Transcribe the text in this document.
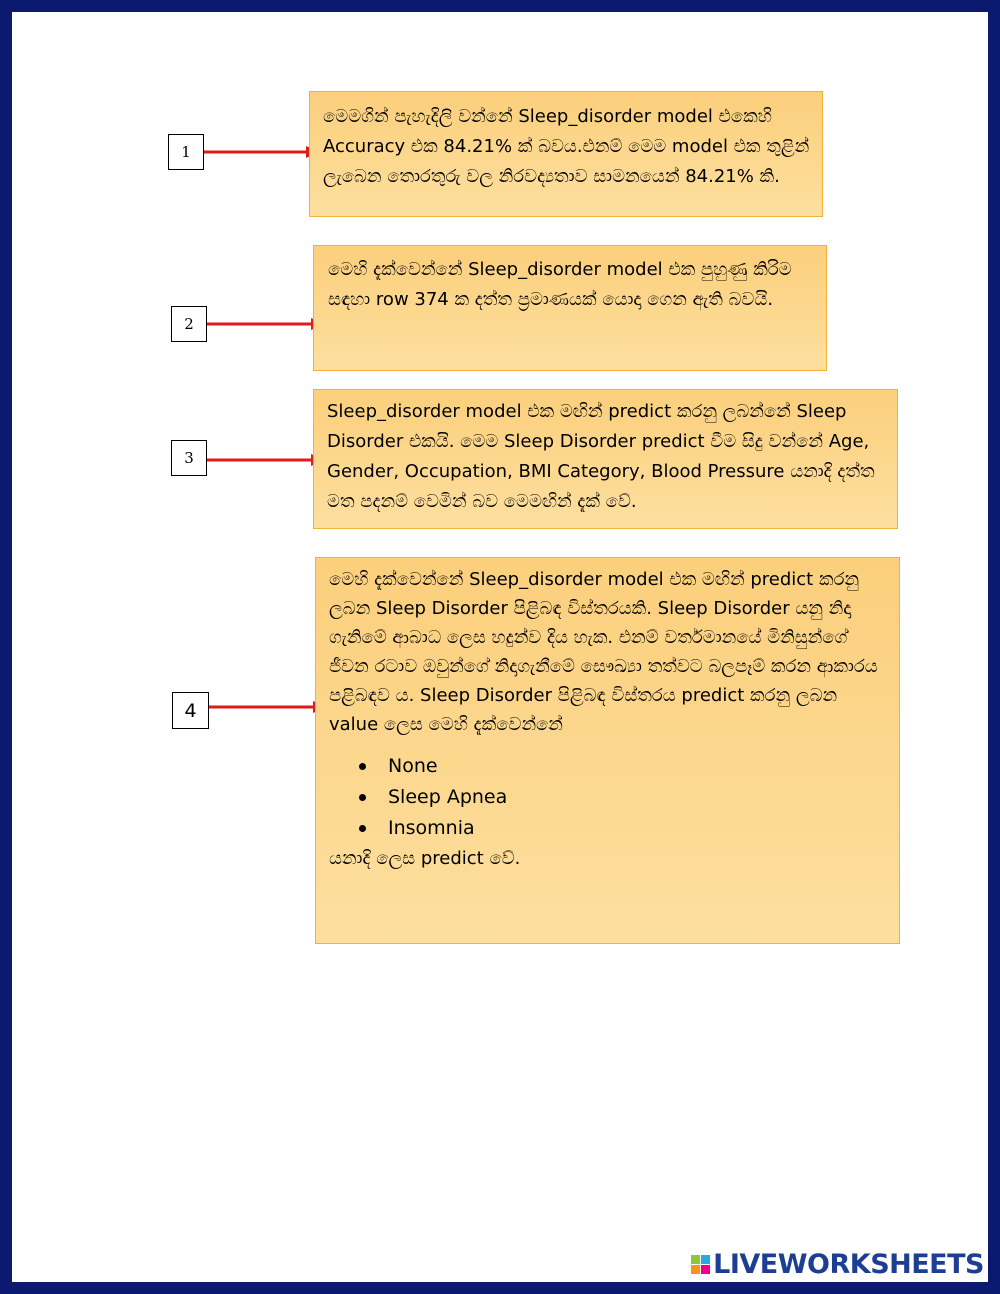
1

මෙමගින් පැහැදිලි වන්නේ Sleep_disorder model එකෙහි Accuracy එක 84.21% ක් බවය.එනම් මෙම model එක තුළින් ලැබෙන තොරතුරු වල නිරවද්‍යතාව සාමනයෙන් 84.21% කි.

2

මෙහි දැක්වෙන්නේ Sleep_disorder model එක පුහුණු කිරිම සඳහා row 374 ක දත්ත ප්‍රමාණයක් යොදා ගෙන ඇති බවයි.

3

Sleep_disorder model එක මඟින් predict කරනු ලබන්නේ Sleep Disorder එකයි. මෙම Sleep Disorder predict වීම සිදු වන්නේ Age, Gender, Occupation, BMI Category, Blood Pressure යනාදි දත්ත මත පදනම් වෙමින් බව මෙමඟින් දැක් වේ.

4

මෙහි දැක්වෙන්නේ Sleep_disorder model එක මඟින් predict කරනු ලබන Sleep Disorder පිළිබඳ විස්තරයකි. Sleep Disorder යනු නිදා ගැනිමේ ආබාධ ලෙස හදුන්ව දිය හැක. එනම් වර්තමානයේ මිනිසුන්ගේ ජීවන රටාව ඔවුන්ගේ නිදාගැනීමේ සෞඛ්‍යා තත්වට බලපෑම් කරන ආකාරය පළිබඳව ය. Sleep Disorder පිළිබඳ විස්තරය predict කරනු ලබන value ලෙස මෙහි දැක්වෙන්නේ

None
Sleep Apnea
Insomnia

යනාදි ලෙස predict වේ.

LIVEWORKSHEETS
